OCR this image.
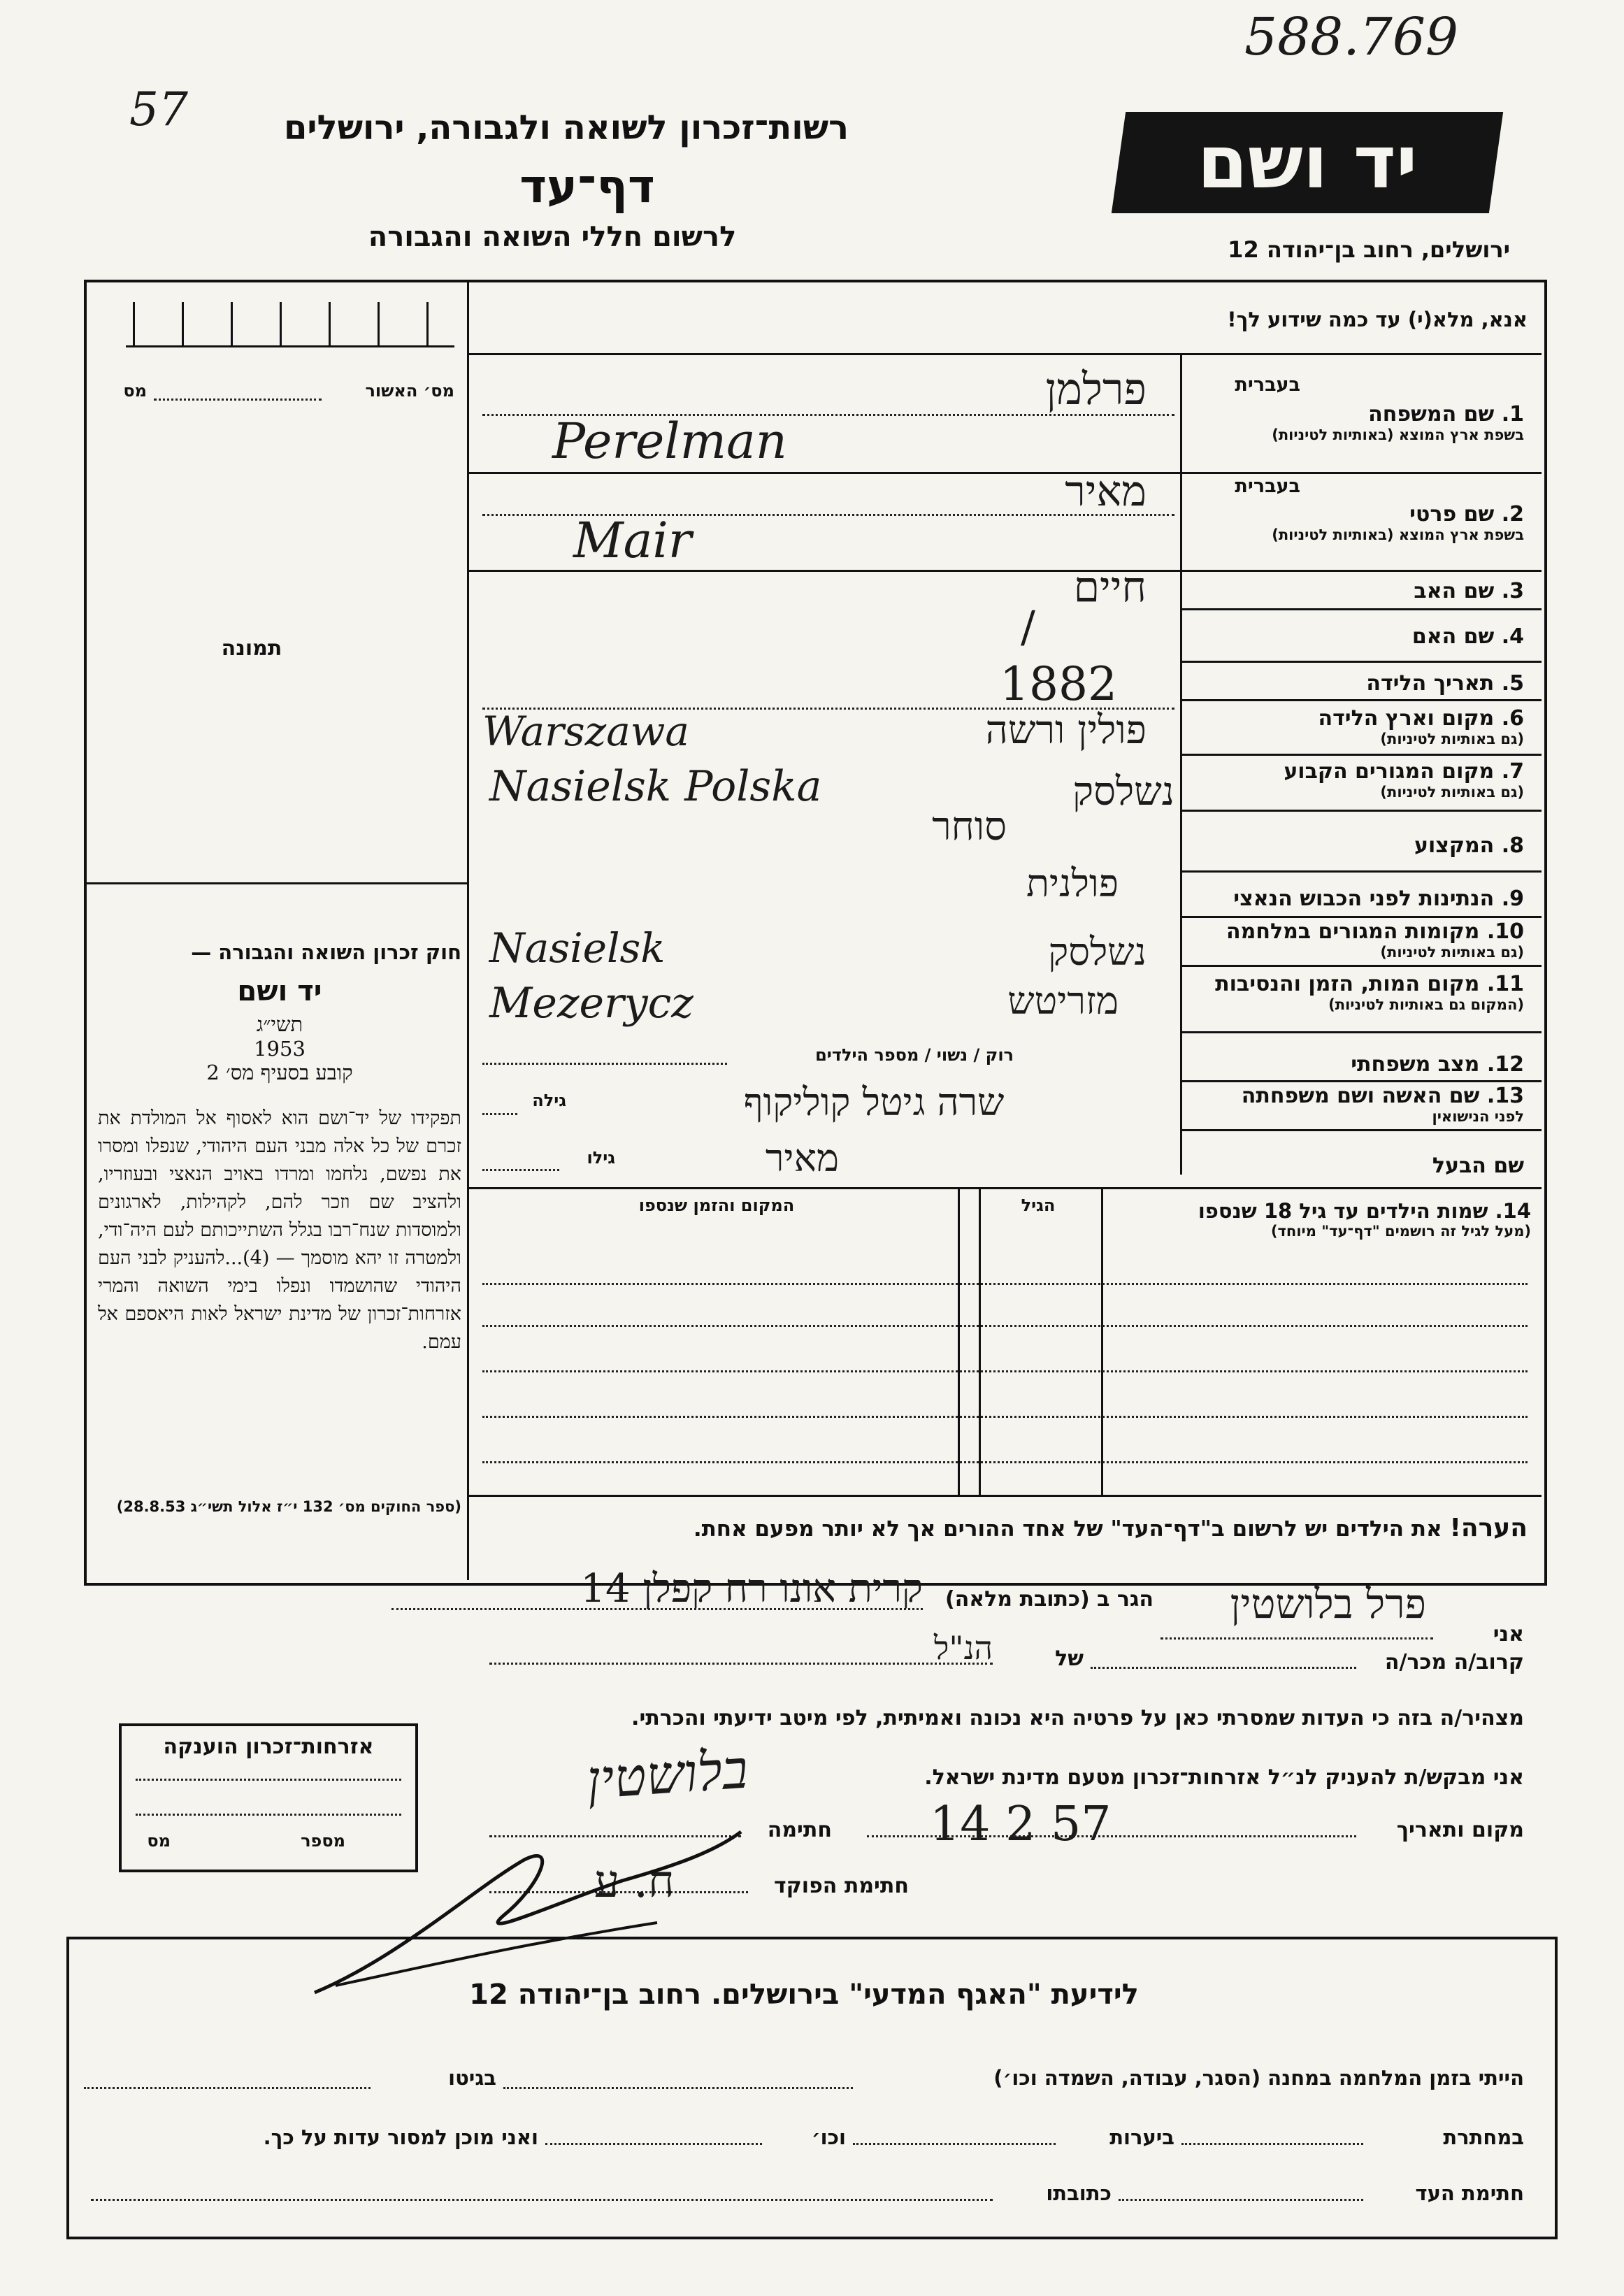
588.769
57	רשות־זכרון לשואה ולגבורה, ירושלים
דף־עד
לרשום חללי השואה והגבורה
יד ושם
ירושלים, רחוב בן־יהודה 12
מס׳ האשור
מס
תמונה
חוק זכרון השואה והגבורה —
יד ושם
תשי״ג
1953
קובע בסעיף מס׳ 2
תפקידו של יד־ושם הוא לאסוף אל המולדת את זכרם של כל אלה מבני העם היהודי, שנפלו ומסרו את נפשם, נלחמו ומרדו באויב הנאצי ובעוזריו, ולהציב שם וזכר להם, לקהילות, לארגונים ולמוסדות שנח־רבו בגלל השתייכותם לעם היה־ודי, ולמטרה זו יהא מוסמך — (4)...להעניק לבני העם היהודי שהושמדו ונפלו בימי השואה והמרי אזרחות־זכרון של מדינת ישראל לאות היאספם אל עמם.
(ספר החוקים מס׳ 132 י״ז אלול תשי״ג 28.8.53)
אנא, מלא(י) עד כמה שידוע לך!
בעברית
1. שם המשפחה
בשפת ארץ המוצא (באותיות לטיניות)
פרלמן
Perelman
בעברית
2. שם פרטי
בשפת ארץ המוצא (באותיות לטיניות)
מאיר
Mair
3. שם האב
חיים
4. שם האם
/
5. תאריך הלידה
1882
6. מקום וארץ הלידה
(גם באותיות לטיניות)
Warszawa	פולין ורשה
7. מקום המגורים הקבוע
(גם באותיות לטיניות)
Nasielsk Polska	נשלסק
8. המקצוע
סוחר
9. הנתינות לפני הכבוש הנאצי
פולנית
10. מקומות המגורים במלחמה
(גם באותיות לטיניות)
Nasielsk	נשלסק
11. מקום המות, הזמן והנסיבות
(המקום גם באותיות לטיניות)
Mezerycz	מזריטש
12. מצב משפחתי
רוק / נשוי / מספר הילדים
13. שם האשה ושם משפחתה
לפני הנישואין
גילה	שרה גיטל קוליקוף
שם הבעל
גילו	מאיר
14. שמות הילדים עד גיל 18 שנספו
(מעל לגיל זה רושמים "דף־עד" מיוחד)
הגיל
המקום והזמן שנספו
הערה! את הילדים יש לרשום ב"דף־העד" של אחד ההורים אך לא יותר מפעם אחת.
אני
פרל בלושטין
הגר ב (כתובת מלאה)
קרית אונו רח קפלן 14
קרוב/ה מכר/ה
של
הנ"ל
מצהיר/ה בזה כי העדות שמסרתי כאן על פרטיה היא נכונה ואמיתית, לפי מיטב ידיעתי והכרתי.
אני מבקש/ת להעניק לנ״ל אזרחות־זכרון מטעם מדינת ישראל.
חתימה
בלושטין
מקום ותאריך
14 2 57
חתימת הפוקד
ח. ע
אזרחות־זכרון הוענקה
מספר
מס
לידיעת "האגף המדעי" בירושלים. רחוב בן־יהודה 12
הייתי בזמן המלחמה במחנה (הסגר, עבודה, השמדה וכו׳)
בגיטו
במחתרת
ביערות
וכו׳
ואני מוכן למסור עדות על כך.
חתימת העד
כתובתו
